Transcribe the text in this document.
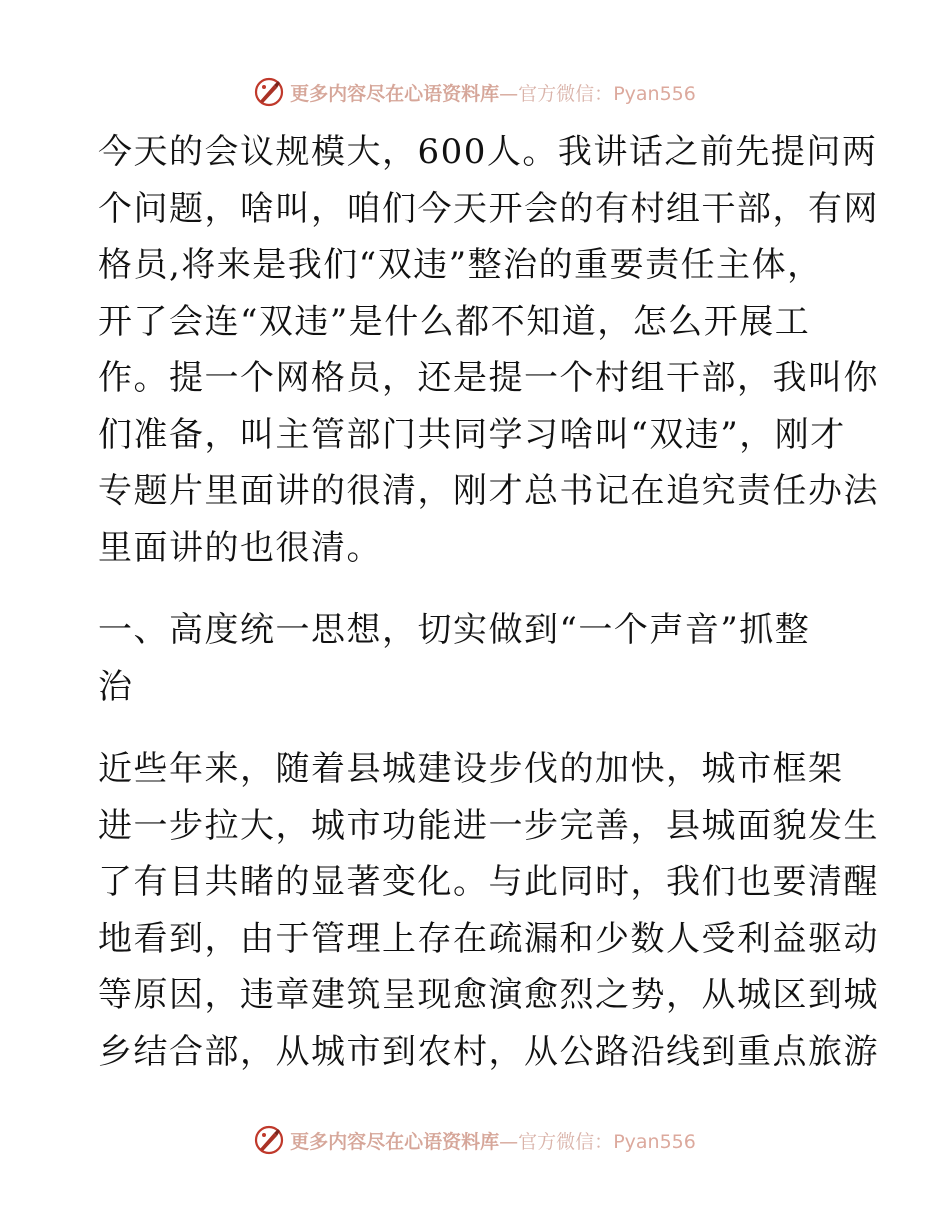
更多内容尽在心语资料库—官方微信：Pyan556

今天的会议规模大，600人。我讲话之前先提问两
个问题，啥叫，咱们今天开会的有村组干部，有网
格员,将来是我们“双违”整治的重要责任主体，
开了会连“双违”是什么都不知道，怎么开展工
作。提一个网格员，还是提一个村组干部，我叫你
们准备，叫主管部门共同学习啥叫“双违”，刚才
专题片里面讲的很清，刚才总书记在追究责任办法
里面讲的也很清。

一、高度统一思想，切实做到“一个声音”抓整
治

近些年来，随着县城建设步伐的加快，城市框架
进一步拉大，城市功能进一步完善，县城面貌发生
了有目共睹的显著变化。与此同时，我们也要清醒
地看到，由于管理上存在疏漏和少数人受利益驱动
等原因，违章建筑呈现愈演愈烈之势，从城区到城
乡结合部，从城市到农村，从公路沿线到重点旅游

更多内容尽在心语资料库—官方微信：Pyan556
